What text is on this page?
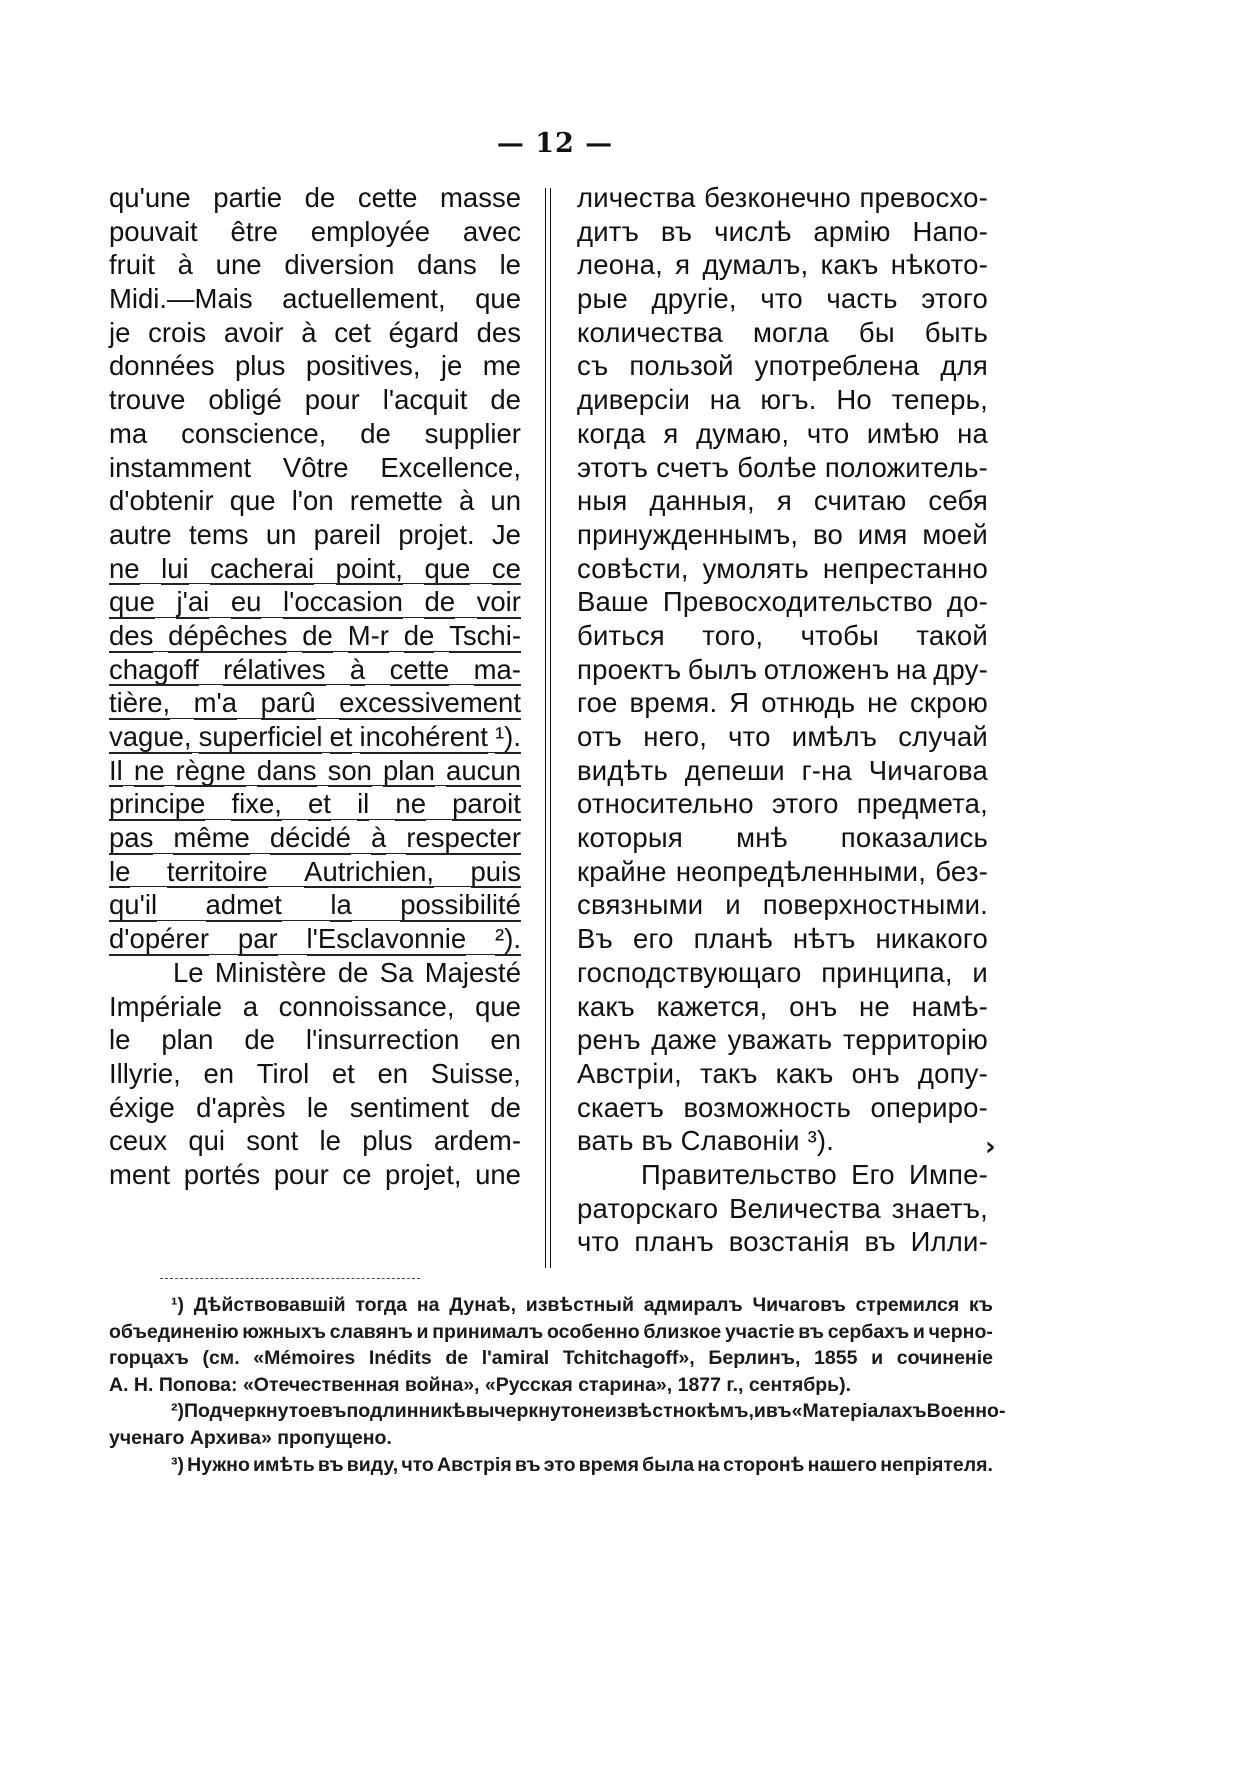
— 12 —
qu'une partie de cette masse
pouvait être employée avec
fruit à une diversion dans le
Midi.—Mais actuellement, que
je crois avoir à cet égard des
données plus positives, je me
trouve obligé pour l'acquit de
ma conscience, de supplier
instamment Vôtre Excellence,
d'obtenir que l'on remette à un
autre tems un pareil projet. Je
ne lui cacherai point, que ce
que j'ai eu l'occasion de voir
des dépêches de M-r de Tschi-
chagoff rélatives à cette ma-
tière, m'a parû excessivement
vague, superficiel et incohérent ¹).
Il ne règne dans son plan aucun
principe fixe, et il ne paroit
pas même décidé à respecter
le territoire Autrichien, puis
qu'il admet la possibilité
d'opérer par l'Esclavonnie ²).
Le Ministère de Sa Majesté
Impériale a connoissance, que
le plan de l'insurrection en
Illyrie, en Tirol et en Suisse,
éxige d'après le sentiment de
ceux qui sont le plus ardem-
ment portés pour ce projet, une
личества безконечно превосхо-
дитъ въ числѣ армію Напо-
леона, я думалъ, какъ нѣкото-
рые другіе, что часть этого
количества могла бы быть
съ пользой употреблена для
диверсіи на югъ. Но теперь,
когда я думаю, что имѣю на
этотъ счетъ болѣе положитель-
ныя данныя, я считаю себя
принужденнымъ, во имя моей
совѣсти, умолять непрестанно
Ваше Превосходительство до-
биться того, чтобы такой
проектъ былъ отложенъ на дру-
гое время. Я отнюдь не скрою
отъ него, что имѣлъ случай
видѣть депеши г-на Чичагова
относительно этого предмета,
которыя мнѣ показались
крайне неопредѣленными, без-
связными и поверхностными.
Въ его планѣ нѣтъ никакого
господствующаго принципа, и
какъ кажется, онъ не намѣ-
ренъ даже уважать территорію
Австріи, такъ какъ онъ допу-
скаетъ возможность оперирo-
вать въ Славоніи ³).
Правительство Его Импе-
раторскаго Величества знаетъ,
что планъ возстанія въ Илли-
›
¹) Дѣйствовавшій тогда на Дунаѣ, извѣстный адмиралъ Чичаговъ стремился къ
объединенію южныхъ славянъ и принималъ особенно близкое участіе въ сербахъ и черно-
горцахъ (см. «Mémoires Inédits de l'amiral Tchitchagoff», Берлинъ, 1855 и сочиненіе
А. Н. Попова: «Отечественная война», «Русская старина», 1877 г., сентябрь).
²) Подчеркнутое въ подлинникѣ вычеркнуто неизвѣстно кѣмъ, и въ «Матеріалахъ Военно-
ученаго Архива» пропущено.
³) Нужно имѣть въ виду, что Австрія въ это время была на сторонѣ нашего непріятеля.
